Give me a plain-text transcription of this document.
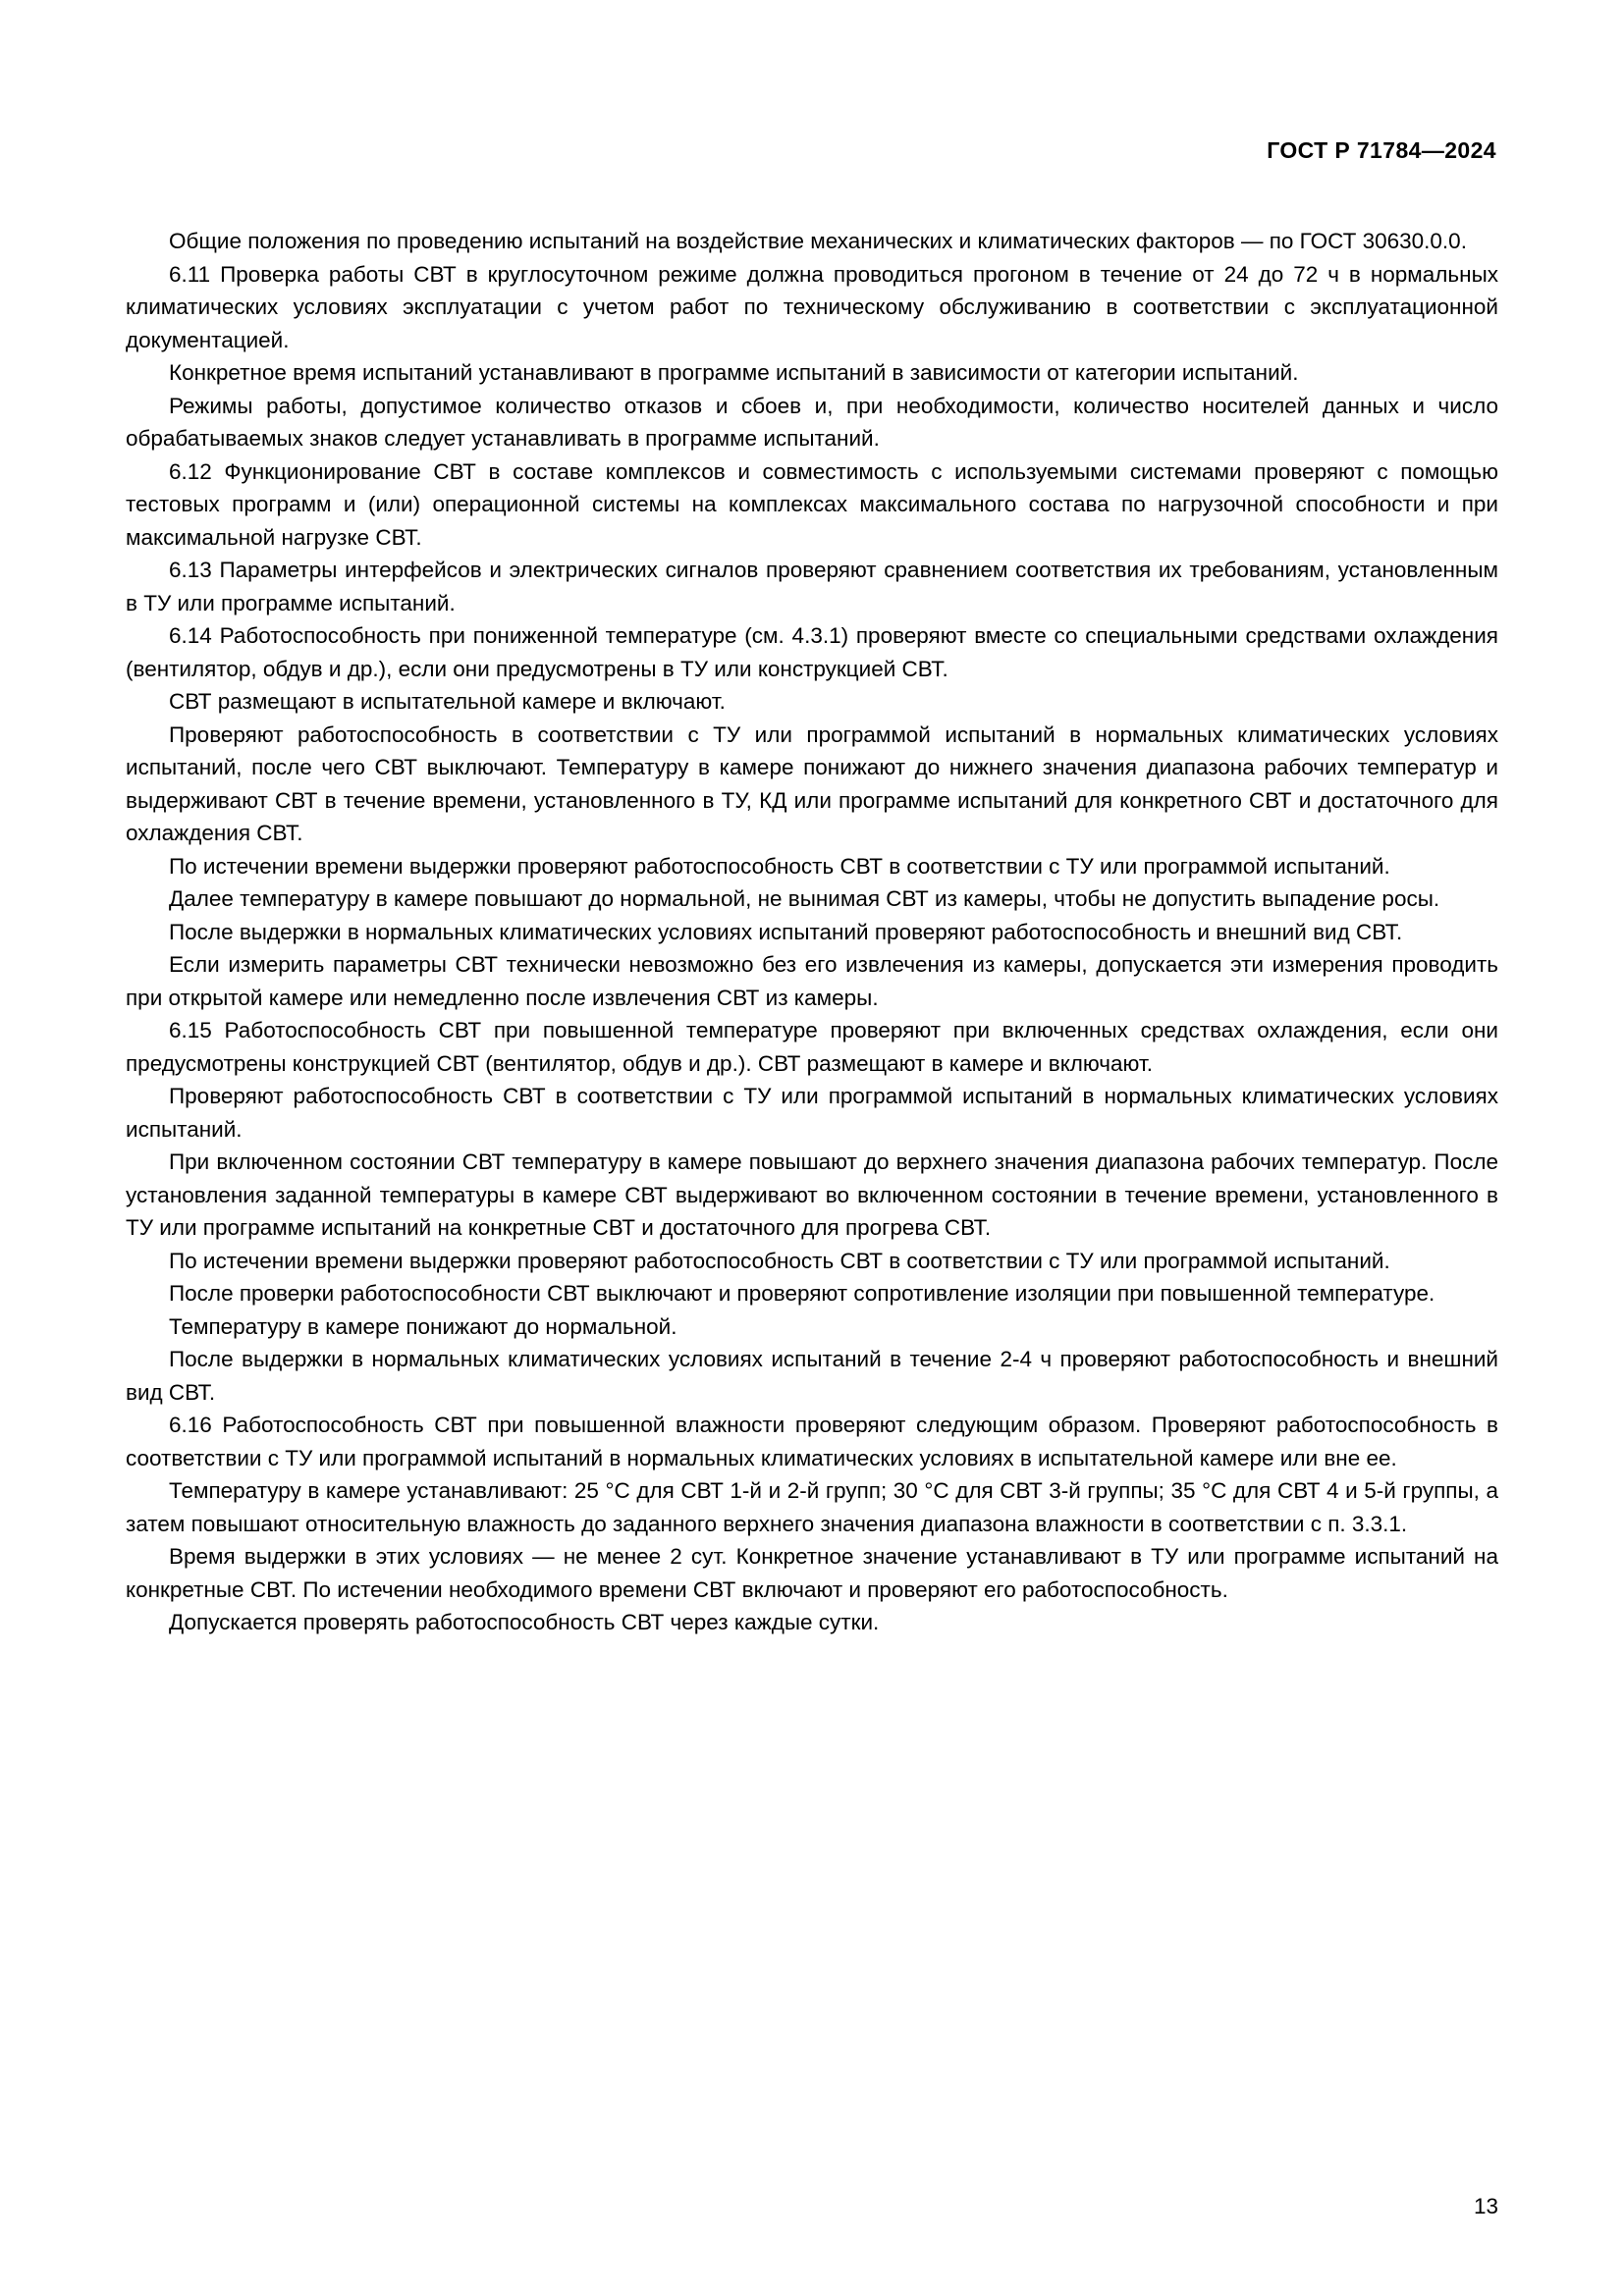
ГОСТ Р 71784—2024

Общие положения по проведению испытаний на воздействие механических и климатических факторов — по ГОСТ 30630.0.0.

6.11 Проверка работы СВТ в круглосуточном режиме должна проводиться прогоном в течение от 24 до 72 ч в нормальных климатических условиях эксплуатации с учетом работ по техническому обслуживанию в соответствии с эксплуатационной документацией.

Конкретное время испытаний устанавливают в программе испытаний в зависимости от категории испытаний.

Режимы работы, допустимое количество отказов и сбоев и, при необходимости, количество носителей данных и число обрабатываемых знаков следует устанавливать в программе испытаний.

6.12 Функционирование СВТ в составе комплексов и совместимость с используемыми системами проверяют с помощью тестовых программ и (или) операционной системы на комплексах максимального состава по нагрузочной способности и при максимальной нагрузке СВТ.

6.13 Параметры интерфейсов и электрических сигналов проверяют сравнением соответствия их требованиям, установленным в ТУ или программе испытаний.

6.14 Работоспособность при пониженной температуре (см. 4.3.1) проверяют вместе со специальными средствами охлаждения (вентилятор, обдув и др.), если они предусмотрены в ТУ или конструкцией СВТ.

СВТ размещают в испытательной камере и включают.

Проверяют работоспособность в соответствии с ТУ или программой испытаний в нормальных климатических условиях испытаний, после чего СВТ выключают. Температуру в камере понижают до нижнего значения диапазона рабочих температур и выдерживают СВТ в течение времени, установленного в ТУ, КД или программе испытаний для конкретного СВТ и достаточного для охлаждения СВТ.

По истечении времени выдержки проверяют работоспособность СВТ в соответствии с ТУ или программой испытаний.

Далее температуру в камере повышают до нормальной, не вынимая СВТ из камеры, чтобы не допустить выпадение росы.

После выдержки в нормальных климатических условиях испытаний проверяют работоспособность и внешний вид СВТ.

Если измерить параметры СВТ технически невозможно без его извлечения из камеры, допускается эти измерения проводить при открытой камере или немедленно после извлечения СВТ из камеры.

6.15 Работоспособность СВТ при повышенной температуре проверяют при включенных средствах охлаждения, если они предусмотрены конструкцией СВТ (вентилятор, обдув и др.). СВТ размещают в камере и включают.

Проверяют работоспособность СВТ в соответствии с ТУ или программой испытаний в нормальных климатических условиях испытаний.

При включенном состоянии СВТ температуру в камере повышают до верхнего значения диапазона рабочих температур. После установления заданной температуры в камере СВТ выдерживают во включенном состоянии в течение времени, установленного в ТУ или программе испытаний на конкретные СВТ и достаточного для прогрева СВТ.

По истечении времени выдержки проверяют работоспособность СВТ в соответствии с ТУ или программой испытаний.

После проверки работоспособности СВТ выключают и проверяют сопротивление изоляции при повышенной температуре.

Температуру в камере понижают до нормальной.

После выдержки в нормальных климатических условиях испытаний в течение 2-4 ч проверяют работоспособность и внешний вид СВТ.

6.16 Работоспособность СВТ при повышенной влажности проверяют следующим образом. Проверяют работоспособность в соответствии с ТУ или программой испытаний в нормальных климатических условиях в испытательной камере или вне ее.

Температуру в камере устанавливают: 25 °С для СВТ 1-й и 2-й групп; 30 °С для СВТ 3-й группы; 35 °С для СВТ 4 и 5-й группы, а затем повышают относительную влажность до заданного верхнего значения диапазона влажности в соответствии с п. 3.3.1.

Время выдержки в этих условиях — не менее 2 сут. Конкретное значение устанавливают в ТУ или программе испытаний на конкретные СВТ. По истечении необходимого времени СВТ включают и проверяют его работоспособность.

Допускается проверять работоспособность СВТ через каждые сутки.

13
